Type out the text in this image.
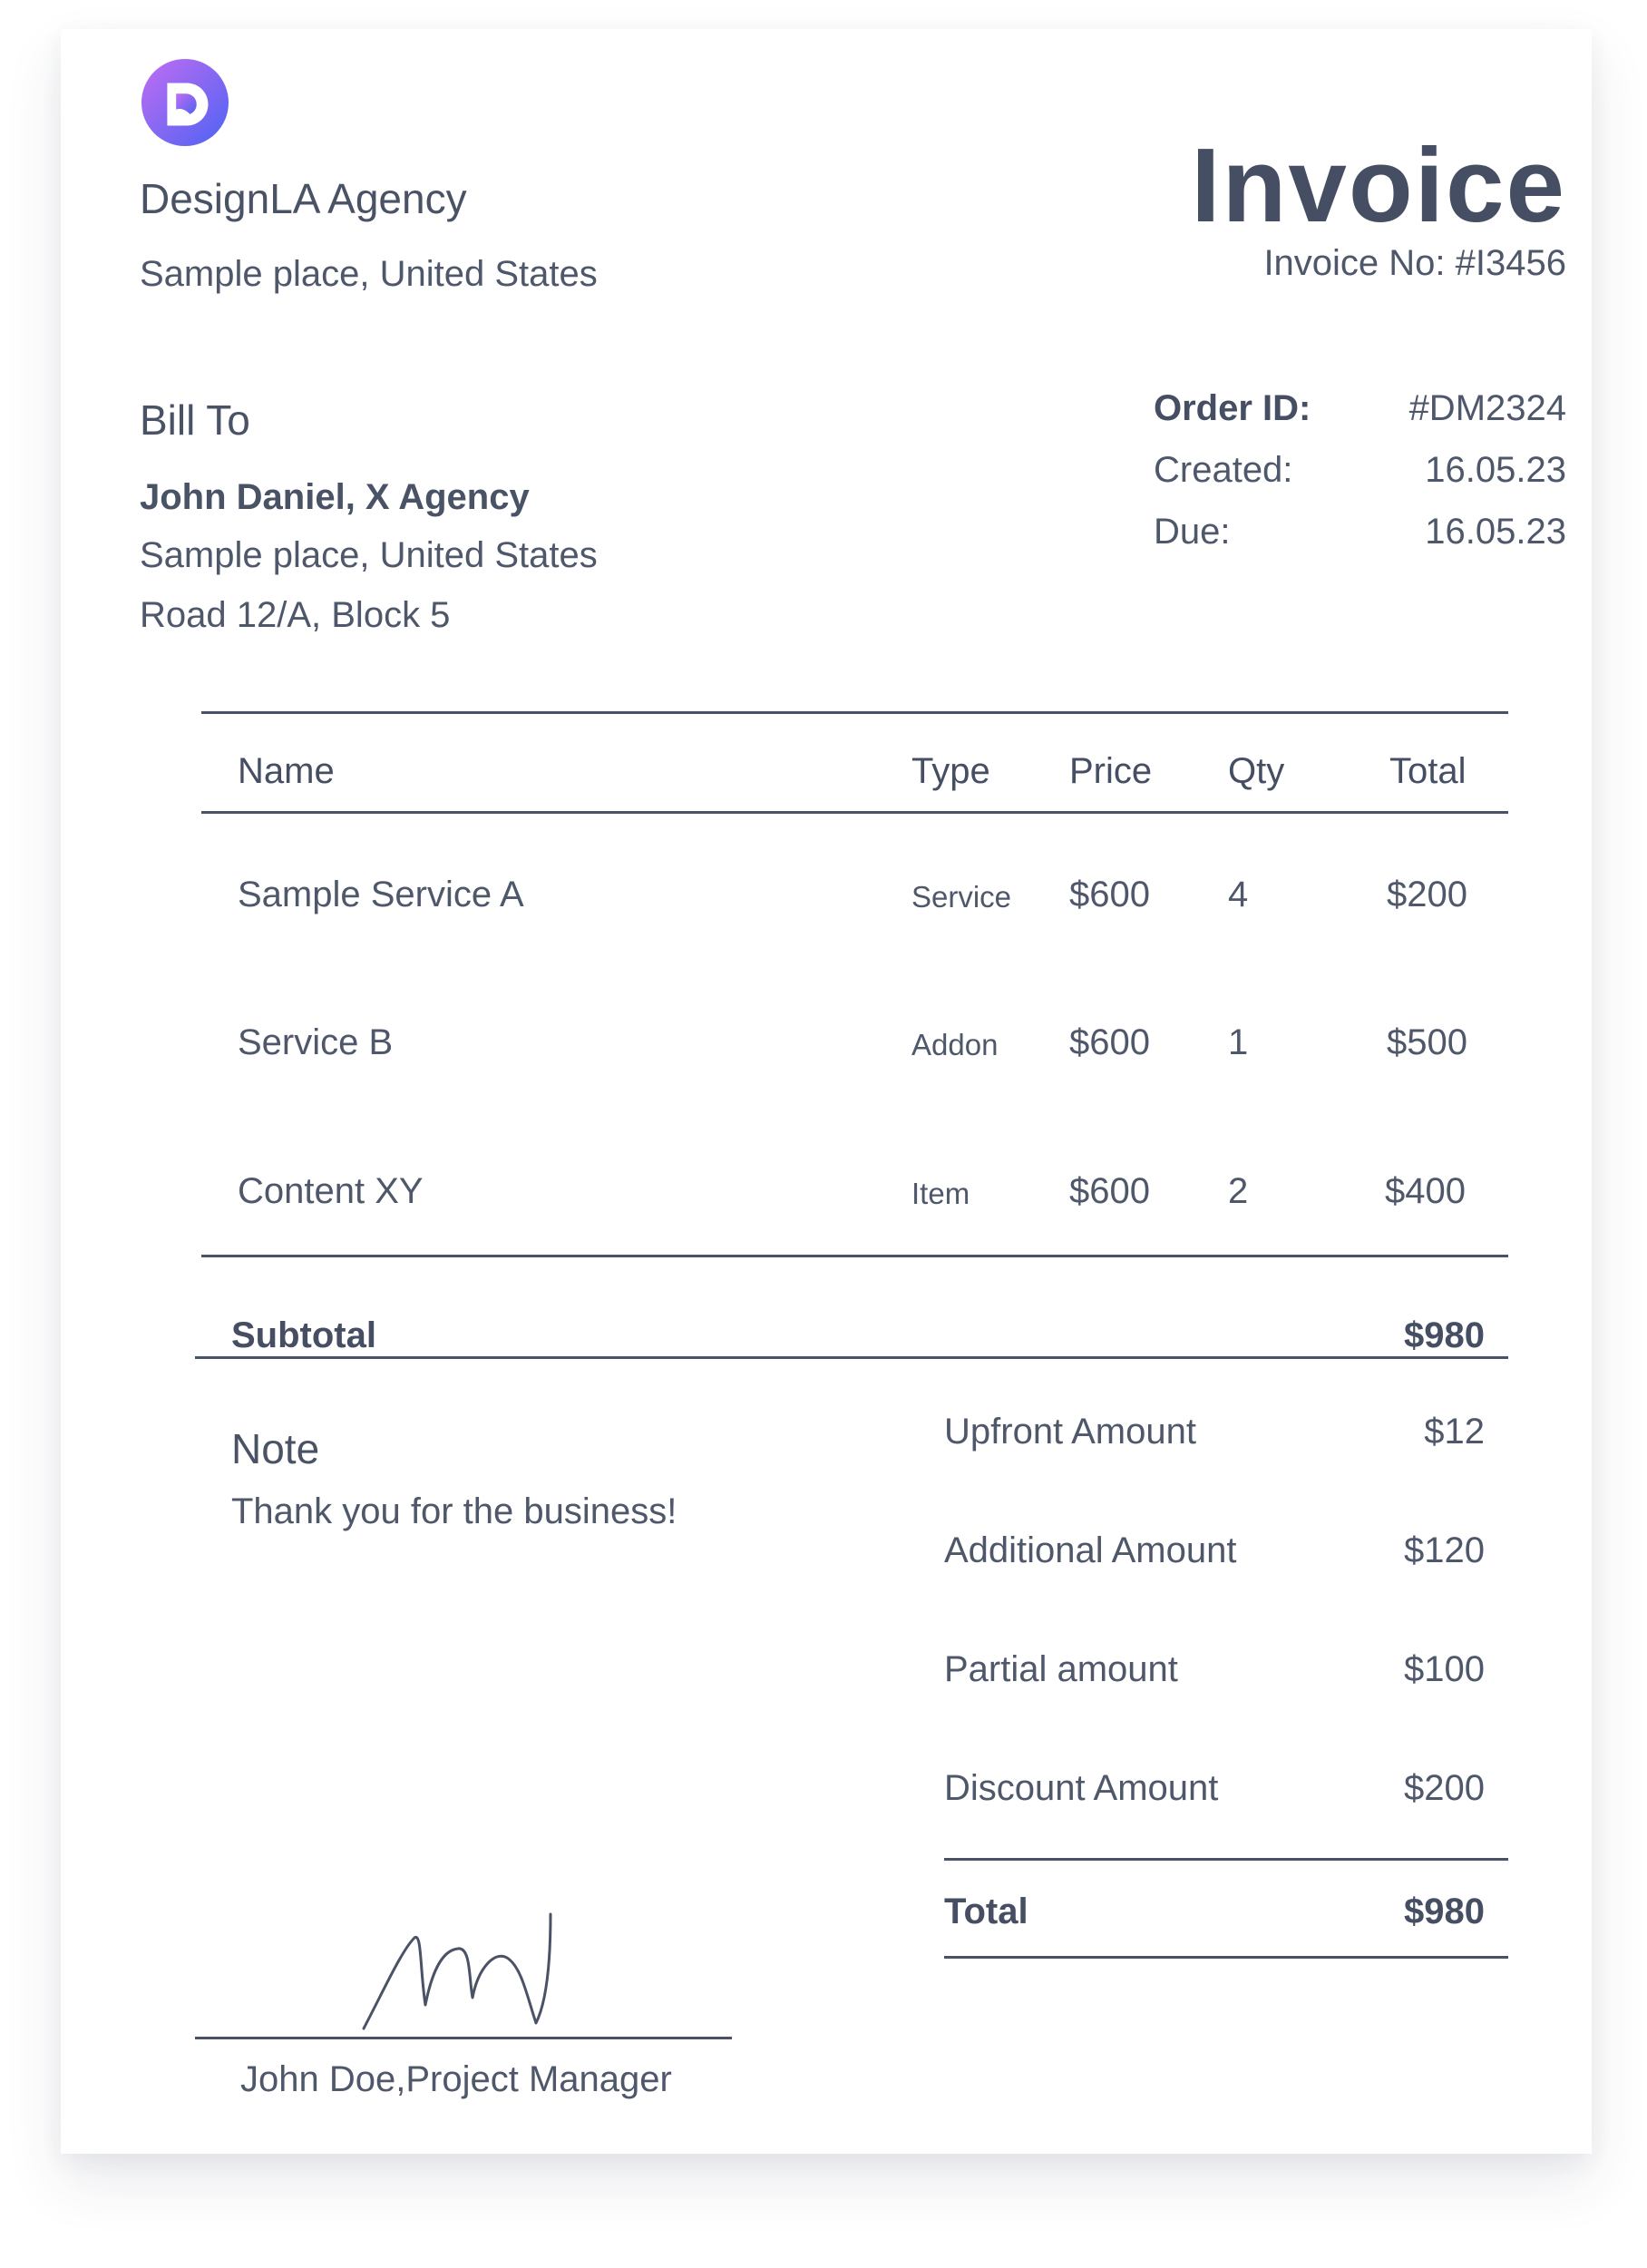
DesignLA Agency
Sample place, United States
Invoice
Invoice No: #I3456
Bill To
John Daniel, X Agency
Sample place, United States
Road 12/A, Block 5
Order ID:	#DM2324
Created:	16.05.23
Due:	16.05.23
Name	Type Price Qty	Total
Sample Service A	Service $600 4	$200
Service B	Addon $600 1	$500
Content XY	Item	$600 2	$400
Subtotal	$980
Note
Thank you for the business!
Upfront Amount	$12
Additional Amount	$120
Partial amount	$100
Discount Amount	$200
Total	$980
John Doe,Project Manager
